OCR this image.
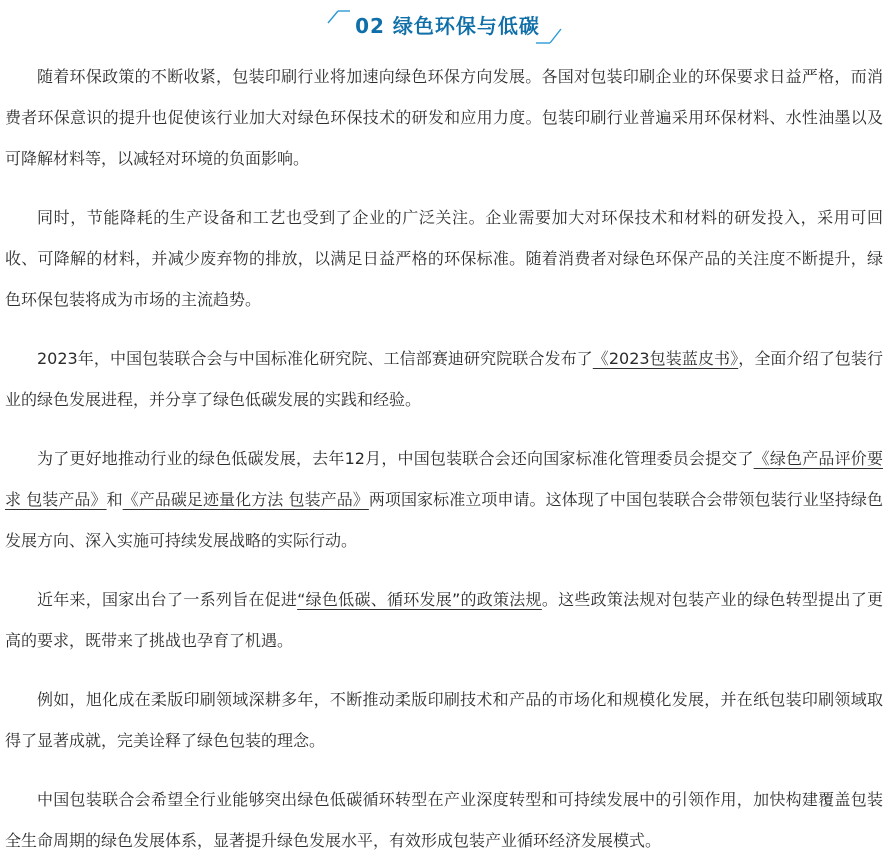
02 绿色环保与低碳

随着环保政策的不断收紧，包装印刷行业将加速向绿色环保方向发展。各国对包装印刷企业的环保要求日益严格，而消费者环保意识的提升也促使该行业加大对绿色环保技术的研发和应用力度。包装印刷行业普遍采用环保材料、水性油墨以及可降解材料等，以减轻对环境的负面影响。

同时，节能降耗的生产设备和工艺也受到了企业的广泛关注。企业需要加大对环保技术和材料的研发投入，采用可回收、可降解的材料，并减少废弃物的排放，以满足日益严格的环保标准。随着消费者对绿色环保产品的关注度不断提升，绿色环保包装将成为市场的主流趋势。

2023年，中国包装联合会与中国标准化研究院、工信部赛迪研究院联合发布了《2023包装蓝皮书》，全面介绍了包装行业的绿色发展进程，并分享了绿色低碳发展的实践和经验。

为了更好地推动行业的绿色低碳发展，去年12月，中国包装联合会还向国家标准化管理委员会提交了《绿色产品评价要求 包装产品》和《产品碳足迹量化方法 包装产品》两项国家标准立项申请。这体现了中国包装联合会带领包装行业坚持绿色发展方向、深入实施可持续发展战略的实际行动。

近年来，国家出台了一系列旨在促进“绿色低碳、循环发展”的政策法规。这些政策法规对包装产业的绿色转型提出了更高的要求，既带来了挑战也孕育了机遇。

例如，旭化成在柔版印刷领域深耕多年，不断推动柔版印刷技术和产品的市场化和规模化发展，并在纸包装印刷领域取得了显著成就，完美诠释了绿色包装的理念。

中国包装联合会希望全行业能够突出绿色低碳循环转型在产业深度转型和可持续发展中的引领作用，加快构建覆盖包装全生命周期的绿色发展体系，显著提升绿色发展水平，有效形成包装产业循环经济发展模式。
